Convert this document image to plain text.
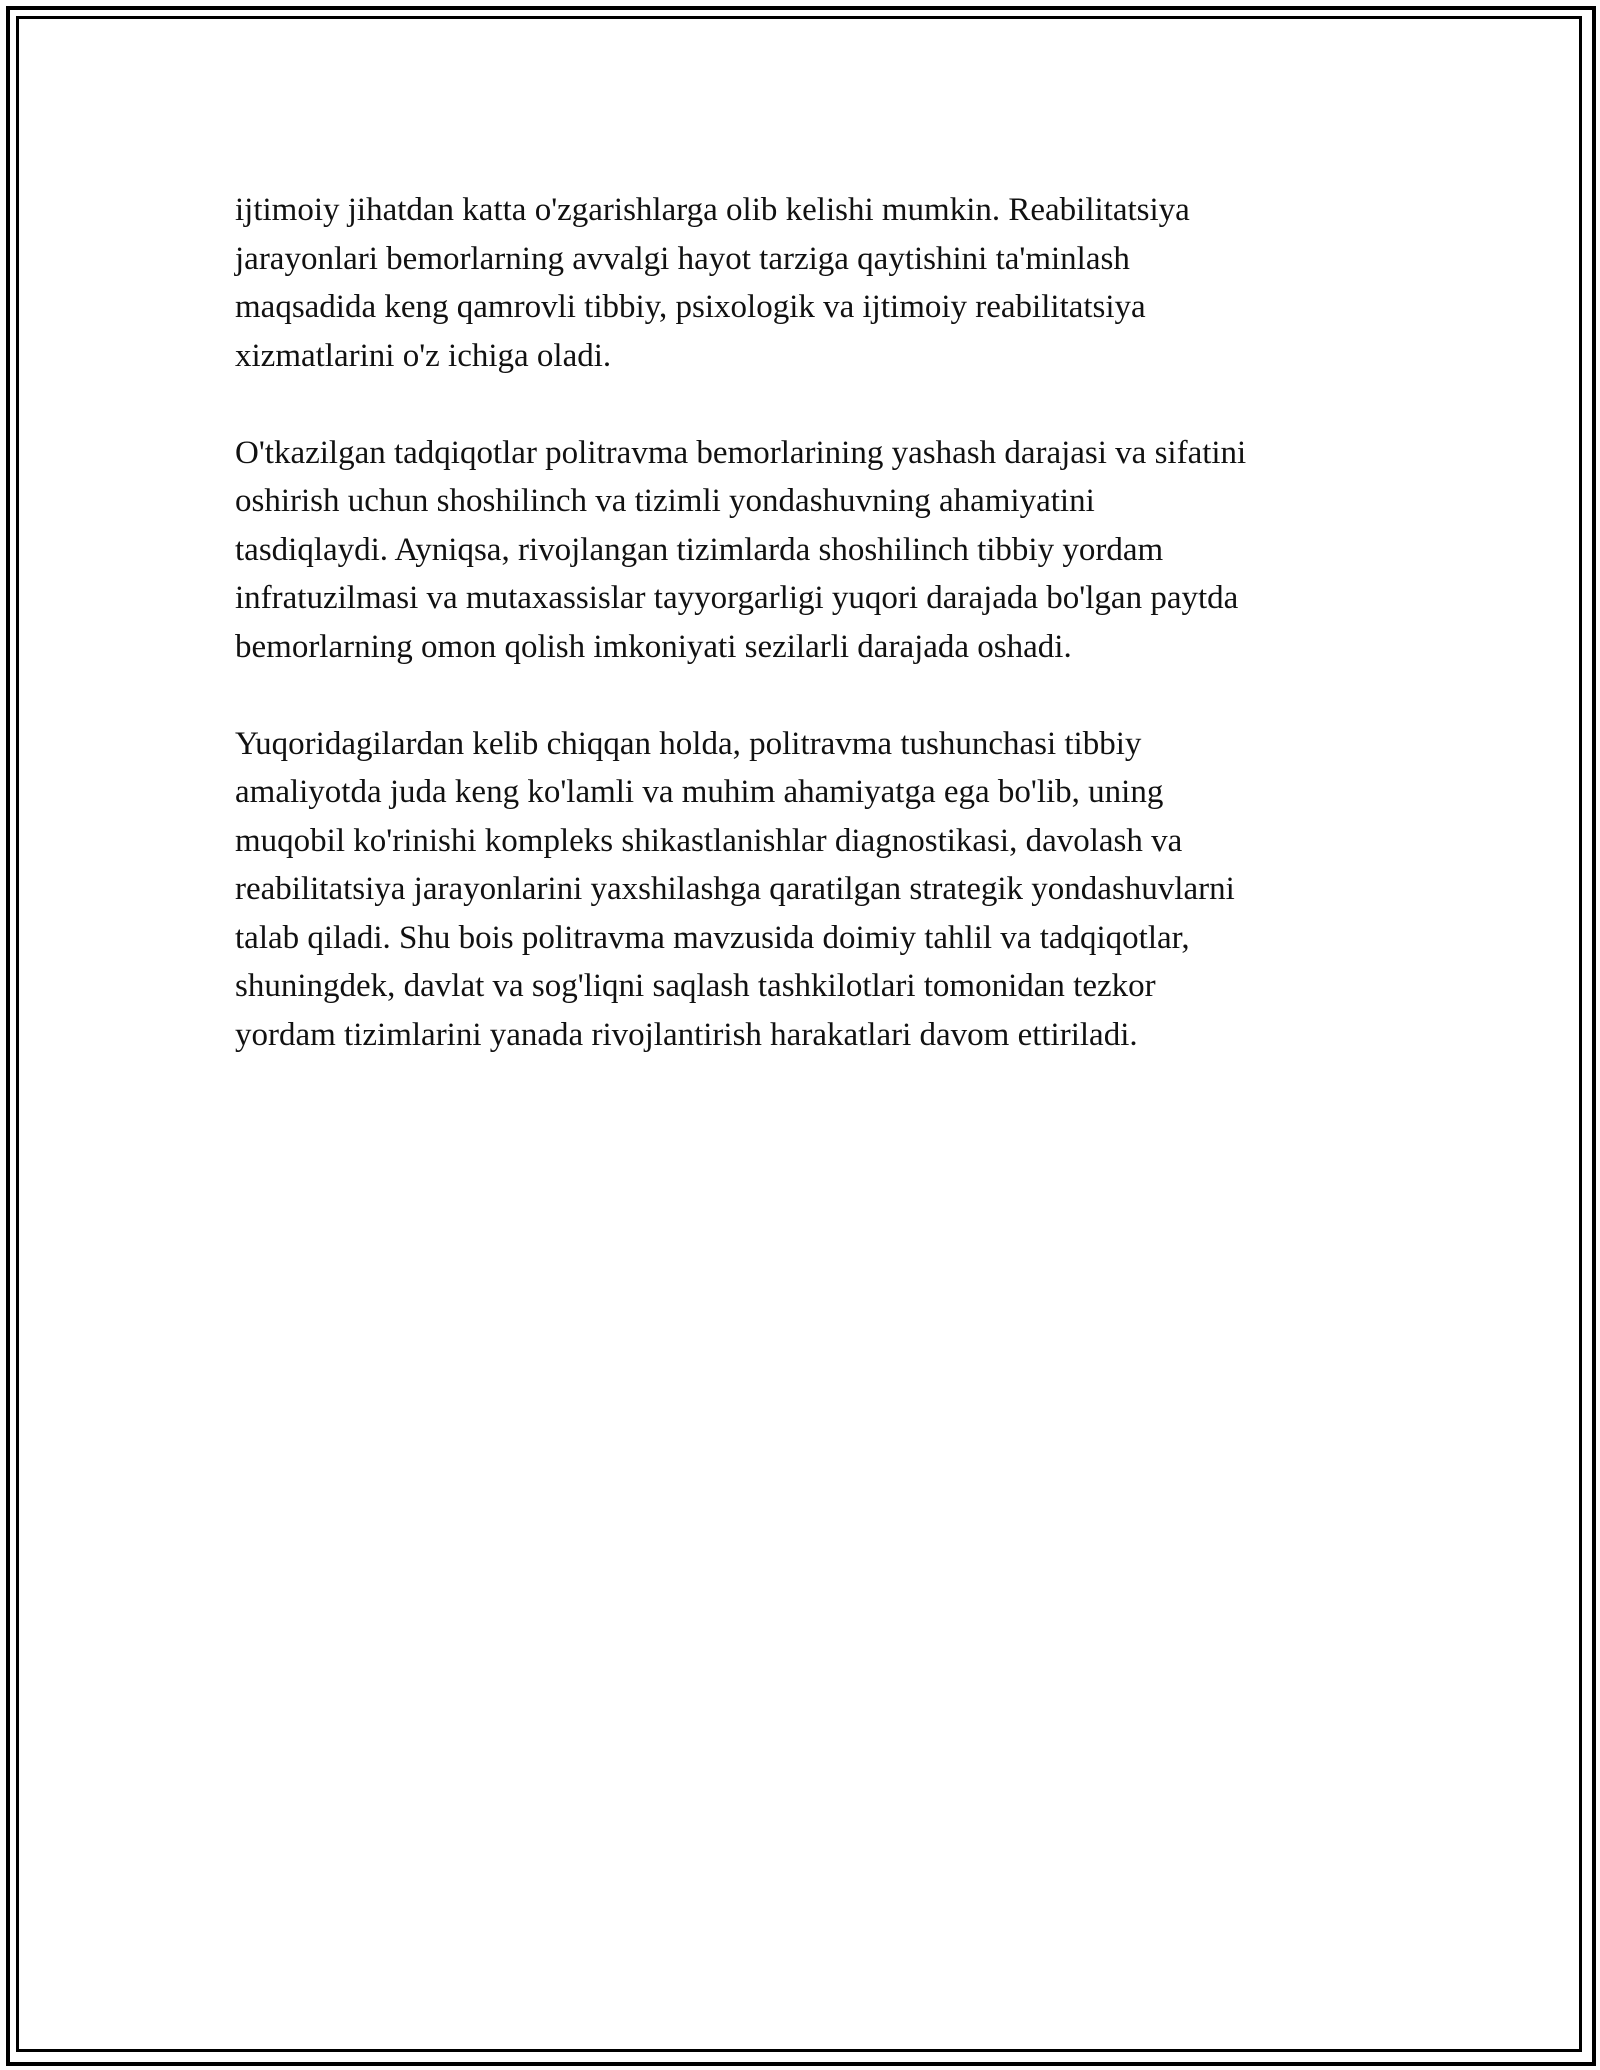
ijtimoiy jihatdan katta o'zgarishlarga olib kelishi mumkin. Reabilitatsiya
jarayonlari bemorlarning avvalgi hayot tarziga qaytishini ta'minlash
maqsadida keng qamrovli tibbiy, psixologik va ijtimoiy reabilitatsiya
xizmatlarini o'z ichiga oladi.

O'tkazilgan tadqiqotlar politravma bemorlarining yashash darajasi va sifatini
oshirish uchun shoshilinch va tizimli yondashuvning ahamiyatini
tasdiqlaydi. Ayniqsa, rivojlangan tizimlarda shoshilinch tibbiy yordam
infratuzilmasi va mutaxassislar tayyorgarligi yuqori darajada bo'lgan paytda
bemorlarning omon qolish imkoniyati sezilarli darajada oshadi.

Yuqoridagilardan kelib chiqqan holda, politravma tushunchasi tibbiy
amaliyotda juda keng ko'lamli va muhim ahamiyatga ega bo'lib, uning
muqobil ko'rinishi kompleks shikastlanishlar diagnostikasi, davolash va
reabilitatsiya jarayonlarini yaxshilashga qaratilgan strategik yondashuvlarni
talab qiladi. Shu bois politravma mavzusida doimiy tahlil va tadqiqotlar,
shuningdek, davlat va sog'liqni saqlash tashkilotlari tomonidan tezkor
yordam tizimlarini yanada rivojlantirish harakatlari davom ettiriladi.
